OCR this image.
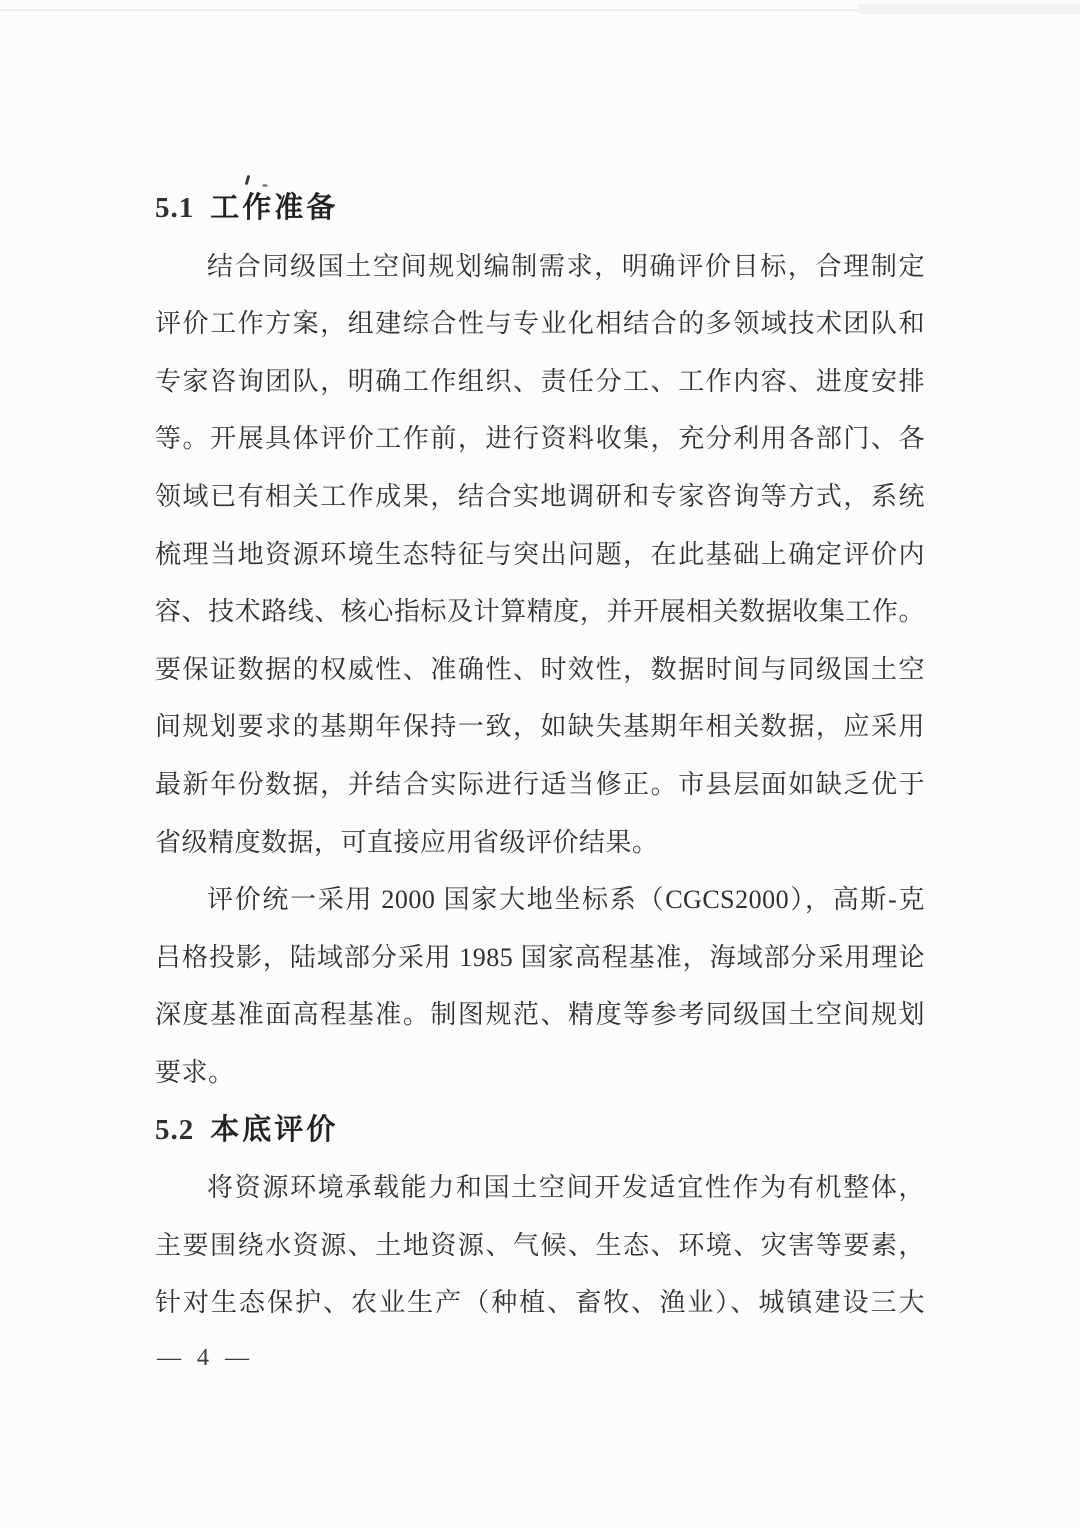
5.1 工作准备
结合同级国土空间规划编制需求，明确评价目标，合理制定
评价工作方案，组建综合性与专业化相结合的多领域技术团队和
专家咨询团队，明确工作组织、责任分工、工作内容、进度安排
等。开展具体评价工作前，进行资料收集，充分利用各部门、各
领域已有相关工作成果，结合实地调研和专家咨询等方式，系统
梳理当地资源环境生态特征与突出问题，在此基础上确定评价内
容、技术路线、核心指标及计算精度，并开展相关数据收集工作。
要保证数据的权威性、准确性、时效性，数据时间与同级国土空
间规划要求的基期年保持一致，如缺失基期年相关数据，应采用
最新年份数据，并结合实际进行适当修正。市县层面如缺乏优于
省级精度数据，可直接应用省级评价结果。
评价统一采用 2000 国家大地坐标系（CGCS2000），高斯-克
吕格投影，陆域部分采用 1985 国家高程基准，海域部分采用理论
深度基准面高程基准。制图规范、精度等参考同级国土空间规划
要求。
5.2 本底评价
将资源环境承载能力和国土空间开发适宜性作为有机整体，
主要围绕水资源、土地资源、气候、生态、环境、灾害等要素，
针对生态保护、农业生产（种植、畜牧、渔业）、城镇建设三大
— 4 —
